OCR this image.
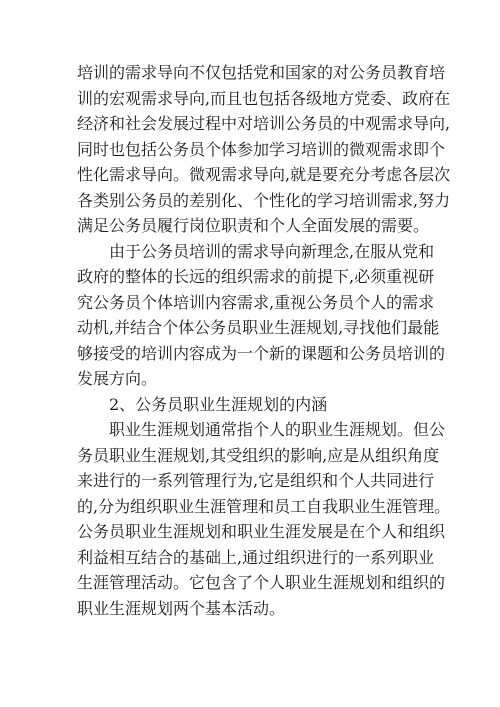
培训的需求导向不仅包括党和国家的对公务员教育培
训的宏观需求导向,而且也包括各级地方党委、政府在
经济和社会发展过程中对培训公务员的中观需求导向,
同时也包括公务员个体参加学习培训的微观需求即个
性化需求导向。微观需求导向,就是要充分考虑各层次
各类别公务员的差别化、个性化的学习培训需求,努力
满足公务员履行岗位职责和个人全面发展的需要。
由于公务员培训的需求导向新理念,在服从党和
政府的整体的长远的组织需求的前提下,必须重视研
究公务员个体培训内容需求,重视公务员个人的需求
动机,并结合个体公务员职业生涯规划,寻找他们最能
够接受的培训内容成为一个新的课题和公务员培训的
发展方向。
2、公务员职业生涯规划的内涵
职业生涯规划通常指个人的职业生涯规划。但公
务员职业生涯规划,其受组织的影响,应是从组织角度
来进行的一系列管理行为,它是组织和个人共同进行
的,分为组织职业生涯管理和员工自我职业生涯管理。
公务员职业生涯规划和职业生涯发展是在个人和组织
利益相互结合的基础上,通过组织进行的一系列职业
生涯管理活动。它包含了个人职业生涯规划和组织的
职业生涯规划两个基本活动。
